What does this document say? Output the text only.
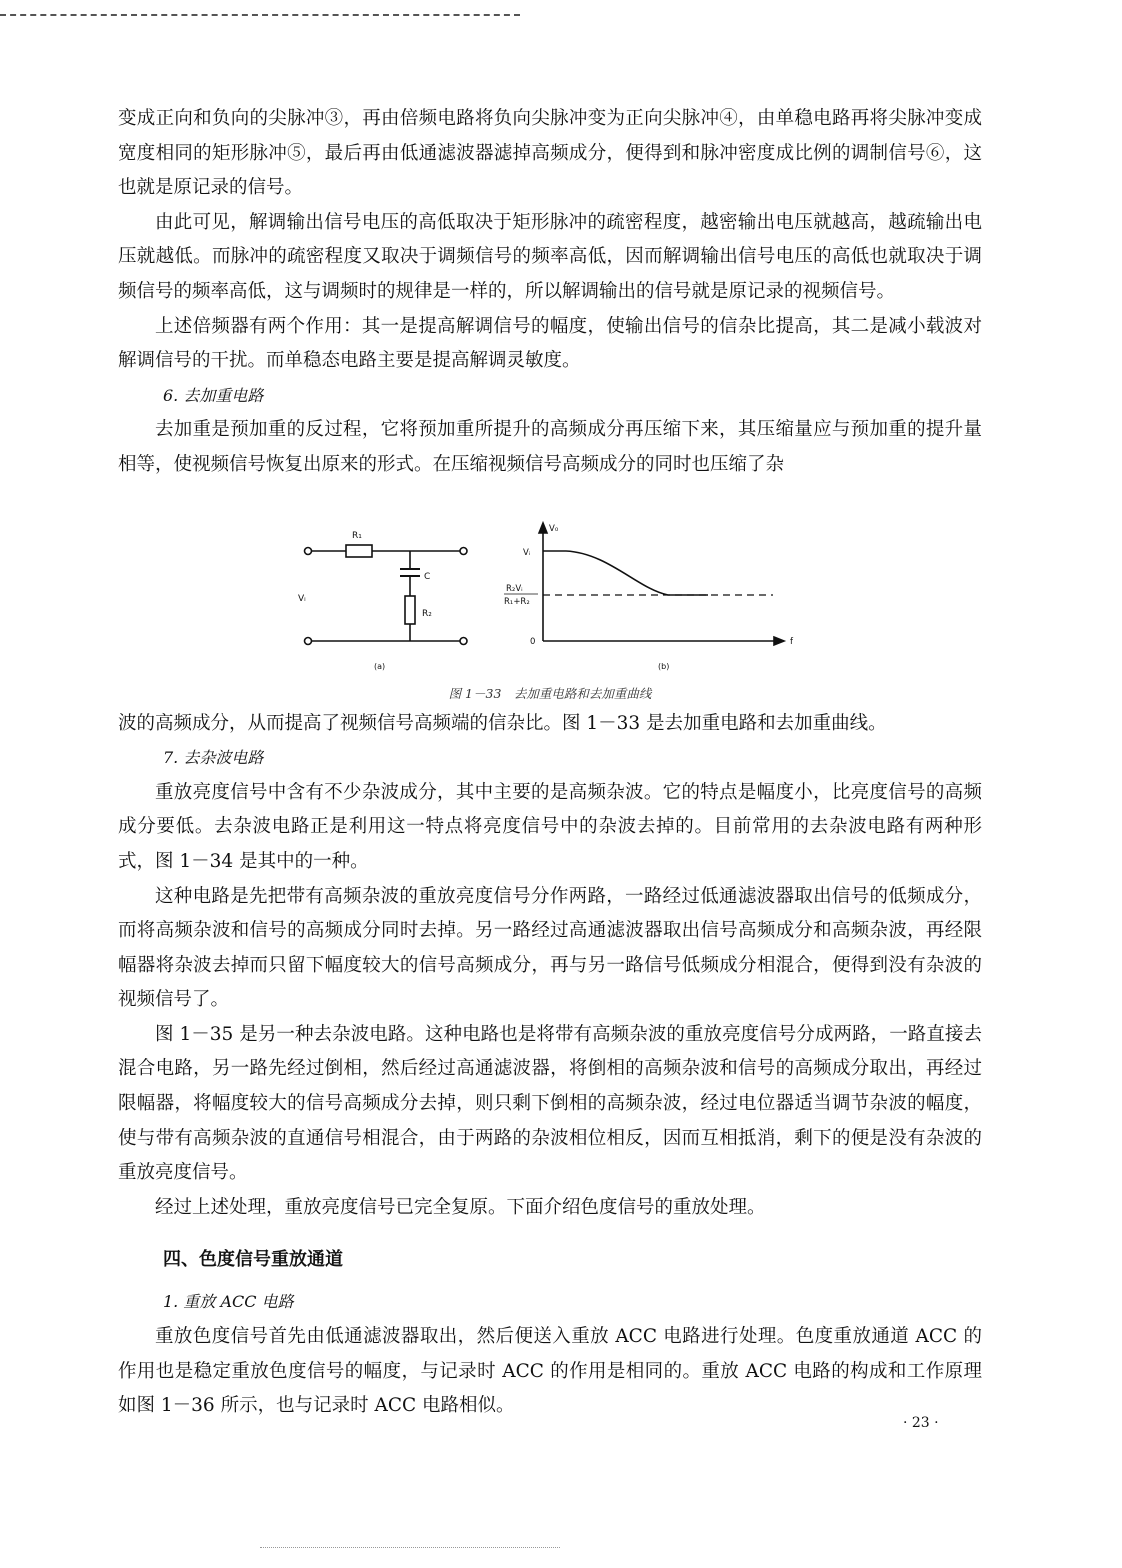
变成正向和负向的尖脉冲③，再由倍频电路将负向尖脉冲变为正向尖脉冲④，由单稳电路再将尖脉冲变成宽度相同的矩形脉冲⑤，最后再由低通滤波器滤掉高频成分，便得到和脉冲密度成比例的调制信号⑥，这也就是原记录的信号。

由此可见，解调输出信号电压的高低取决于矩形脉冲的疏密程度，越密输出电压就越高，越疏输出电压就越低。而脉冲的疏密程度又取决于调频信号的频率高低，因而解调输出信号电压的高低也就取决于调频信号的频率高低，这与调频时的规律是一样的，所以解调输出的信号就是原记录的视频信号。

上述倍频器有两个作用：其一是提高解调信号的幅度，使输出信号的信杂比提高，其二是减小载波对解调信号的干扰。而单稳态电路主要是提高解调灵敏度。

6. 去加重电路

去加重是预加重的反过程，它将预加重所提升的高频成分再压缩下来，其压缩量应与预加重的提升量相等，使视频信号恢复出原来的形式。在压缩视频信号高频成分的同时也压缩了杂

R₁
C
R₂
Vᵢ
(a)
V₀
Vᵢ
R₂Vᵢ
R₁+R₂
0	f
(b)
图 1－33　去加重电路和去加重曲线

波的高频成分，从而提高了视频信号高频端的信杂比。图 1－33 是去加重电路和去加重曲线。

7. 去杂波电路

重放亮度信号中含有不少杂波成分，其中主要的是高频杂波。它的特点是幅度小，比亮度信号的高频成分要低。去杂波电路正是利用这一特点将亮度信号中的杂波去掉的。目前常用的去杂波电路有两种形式，图 1－34 是其中的一种。

这种电路是先把带有高频杂波的重放亮度信号分作两路，一路经过低通滤波器取出信号的低频成分，而将高频杂波和信号的高频成分同时去掉。另一路经过高通滤波器取出信号高频成分和高频杂波，再经限幅器将杂波去掉而只留下幅度较大的信号高频成分，再与另一路信号低频成分相混合，便得到没有杂波的视频信号了。

图 1－35 是另一种去杂波电路。这种电路也是将带有高频杂波的重放亮度信号分成两路，一路直接去混合电路，另一路先经过倒相，然后经过高通滤波器，将倒相的高频杂波和信号的高频成分取出，再经过限幅器，将幅度较大的信号高频成分去掉，则只剩下倒相的高频杂波，经过电位器适当调节杂波的幅度，使与带有高频杂波的直通信号相混合，由于两路的杂波相位相反，因而互相抵消，剩下的便是没有杂波的重放亮度信号。

经过上述处理，重放亮度信号已完全复原。下面介绍色度信号的重放处理。

四、色度信号重放通道

1. 重放 ACC 电路

重放色度信号首先由低通滤波器取出，然后便送入重放 ACC 电路进行处理。色度重放通道 ACC 的作用也是稳定重放色度信号的幅度，与记录时 ACC 的作用是相同的。重放 ACC 电路的构成和工作原理如图 1－36 所示，也与记录时 ACC 电路相似。

· 23 ·
